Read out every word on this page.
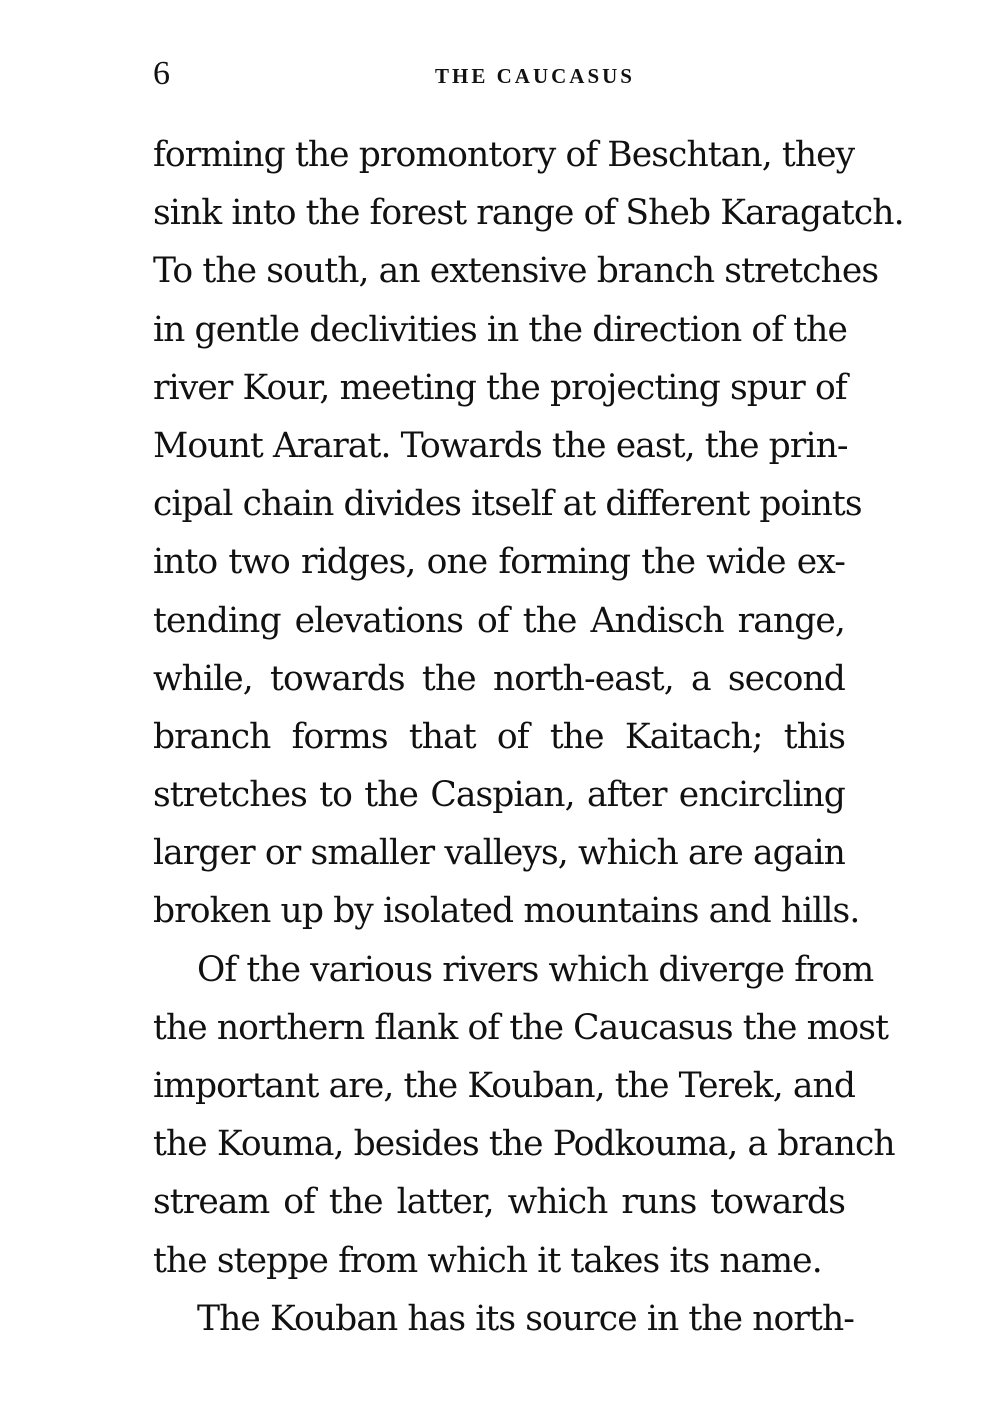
6	THE CAUCASUS
forming the promontory of Beschtan, they
sink into the forest range of Sheb Karagatch.
To the south, an extensive branch stretches
in gentle declivities in the direction of the
river Kour, meeting the projecting spur of
Mount Ararat. Towards the east, the prin-
cipal chain divides itself at different points
into two ridges, one forming the wide ex-
tending elevations of the Andisch range,
while, towards the north-east, a second
branch forms that of the Kaitach; this
stretches to the Caspian, after encircling
larger or smaller valleys, which are again
broken up by isolated mountains and hills.
Of the various rivers which diverge from
the northern flank of the Caucasus the most
important are, the Kouban, the Terek, and
the Kouma, besides the Podkouma, a branch
stream of the latter, which runs towards
the steppe from which it takes its name.
The Kouban has its source in the north-
